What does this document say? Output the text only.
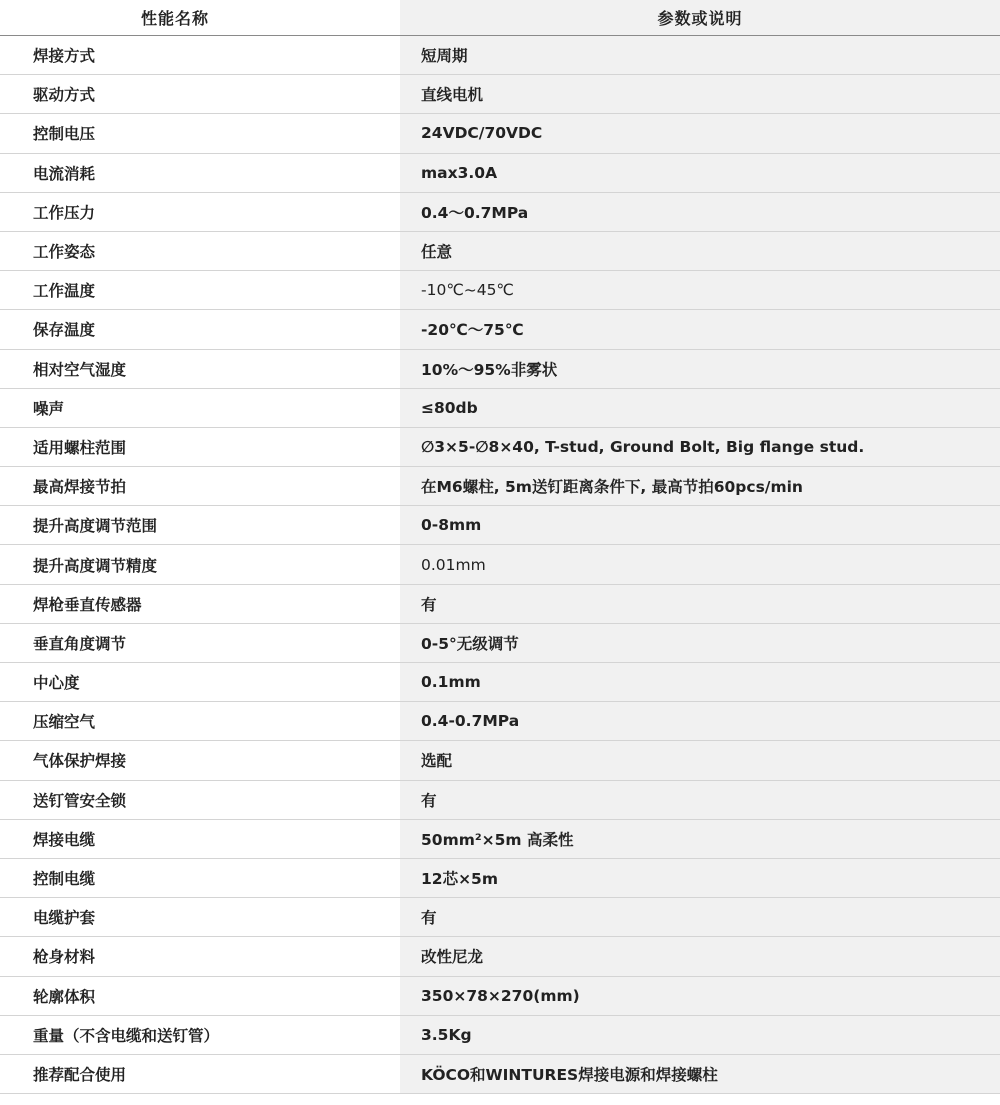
性能名称	参数或说明
焊接方式	短周期
驱动方式	直线电机
控制电压	24VDC/70VDC
电流消耗	max3.0A
工作压力	0.4～0.7MPa
工作姿态	任意
工作温度	-10℃~45℃
保存温度	-20℃～75℃
相对空气湿度	10%～95%非雾状
噪声	≤80db
适用螺柱范围	∅3×5-∅8×40, T-stud, Ground Bolt, Big flange stud.
最高焊接节拍	在M6螺柱, 5m送钉距离条件下, 最高节拍60pcs/min
提升高度调节范围	0-8mm
提升高度调节精度	0.01mm
焊枪垂直传感器	有
垂直角度调节	0-5°无级调节
中心度	0.1mm
压缩空气	0.4-0.7MPa
气体保护焊接	选配
送钉管安全锁	有
焊接电缆	50mm²×5m 高柔性
控制电缆	12芯×5m
电缆护套	有
枪身材料	改性尼龙
轮廓体积	350×78×270(mm)
重量（不含电缆和送钉管）	3.5Kg
推荐配合使用	KÖCO和WINTURES焊接电源和焊接螺柱
